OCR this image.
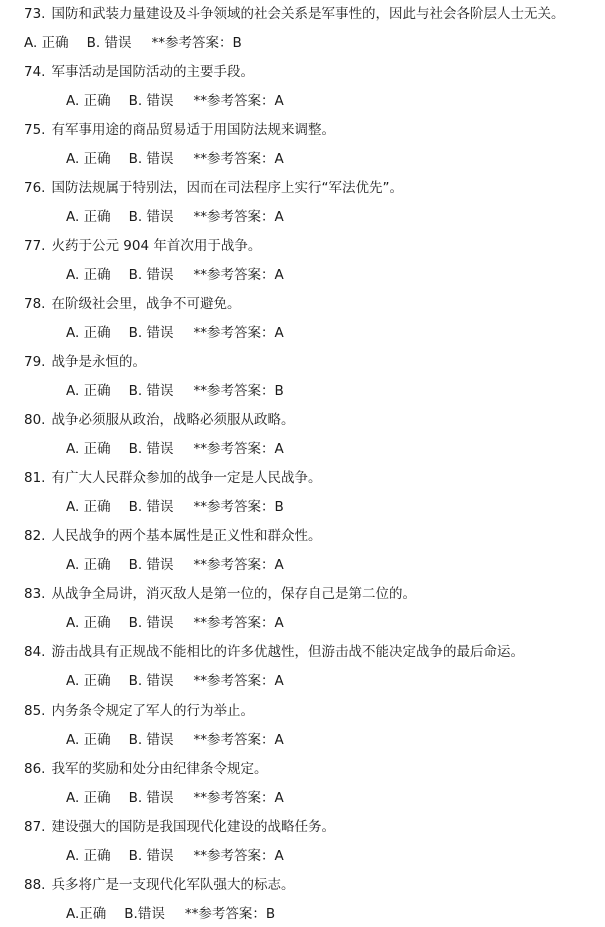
73. 国防和武装力量建设及斗争领域的社会关系是军事性的，因此与社会各阶层人士无关。
A. 正确 B. 错误 **参考答案：B
74. 军事活动是国防活动的主要手段。
A. 正确 B. 错误 **参考答案：A
75. 有军事用途的商品贸易适于用国防法规来调整。
A. 正确 B. 错误 **参考答案：A
76. 国防法规属于特别法，因而在司法程序上实行“军法优先”。
A. 正确 B. 错误 **参考答案：A
77. 火药于公元 904 年首次用于战争。
A. 正确 B. 错误 **参考答案：A
78. 在阶级社会里，战争不可避免。
A. 正确 B. 错误 **参考答案：A
79. 战争是永恒的。
A. 正确 B. 错误 **参考答案：B
80. 战争必须服从政治，战略必须服从政略。
A. 正确 B. 错误 **参考答案：A
81. 有广大人民群众参加的战争一定是人民战争。
A. 正确 B. 错误 **参考答案：B
82. 人民战争的两个基本属性是正义性和群众性。
A. 正确 B. 错误 **参考答案：A
83. 从战争全局讲，消灭敌人是第一位的，保存自己是第二位的。
A. 正确 B. 错误 **参考答案：A
84. 游击战具有正规战不能相比的许多优越性，但游击战不能决定战争的最后命运。
A. 正确 B. 错误 **参考答案：A
85. 内务条令规定了军人的行为举止。
A. 正确 B. 错误 **参考答案：A
86. 我军的奖励和处分由纪律条令规定。
A. 正确 B. 错误 **参考答案：A
87. 建设强大的国防是我国现代化建设的战略任务。
A. 正确 B. 错误 **参考答案：A
88. 兵多将广是一支现代化军队强大的标志。
A.正确 B.错误 **参考答案：B
